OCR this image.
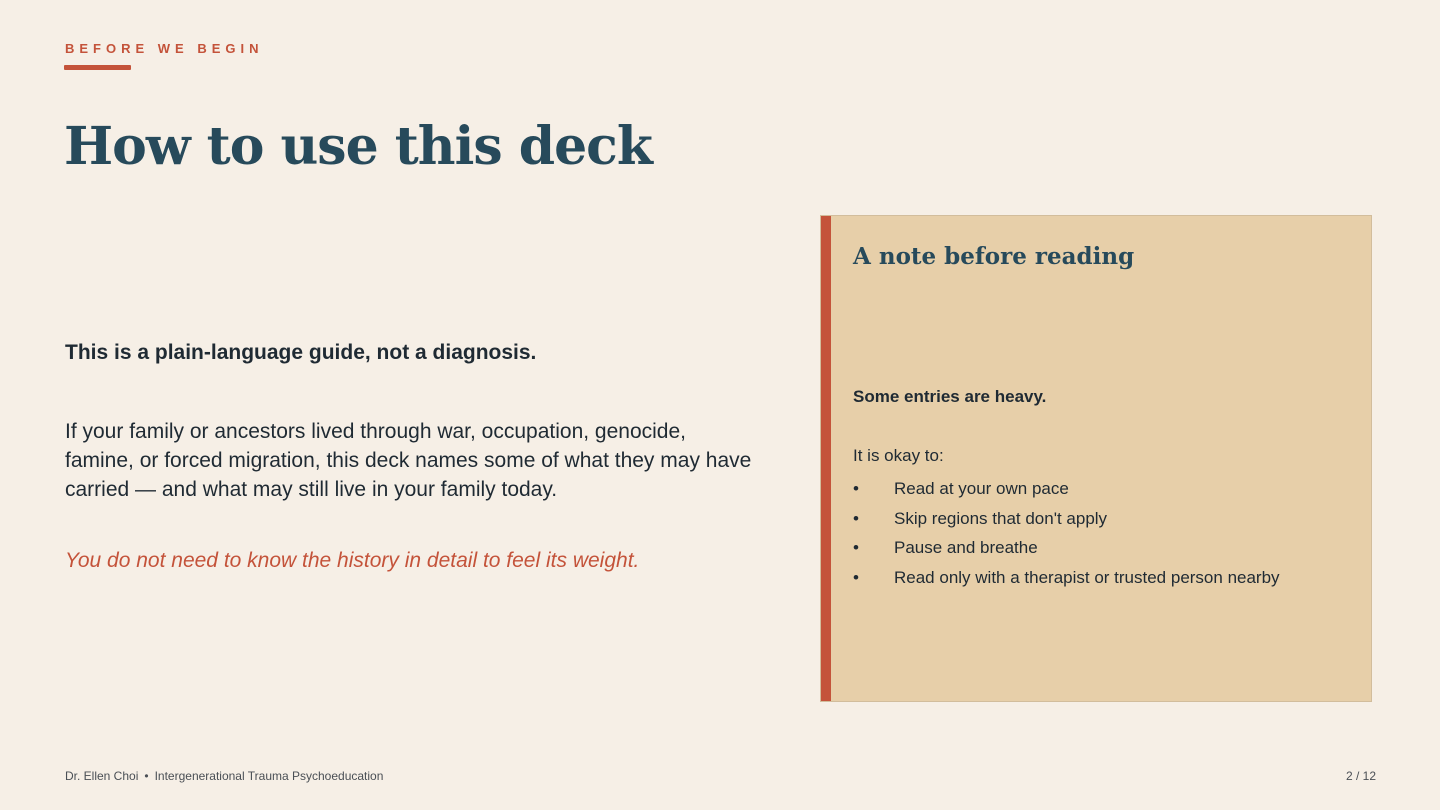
BEFORE WE BEGIN
How to use this deck
This is a plain-language guide, not a diagnosis.
If your family or ancestors lived through war, occupation, genocide, famine, or forced migration, this deck names some of what they may have carried — and what may still live in your family today.
You do not need to know the history in detail to feel its weight.
A note before reading
Some entries are heavy.
It is okay to:
•	Read at your own pace
•	Skip regions that don't apply
•	Pause and breathe
•	Read only with a therapist or trusted person nearby
Dr. Ellen Choi • Intergenerational Trauma Psychoeducation	2 / 12
